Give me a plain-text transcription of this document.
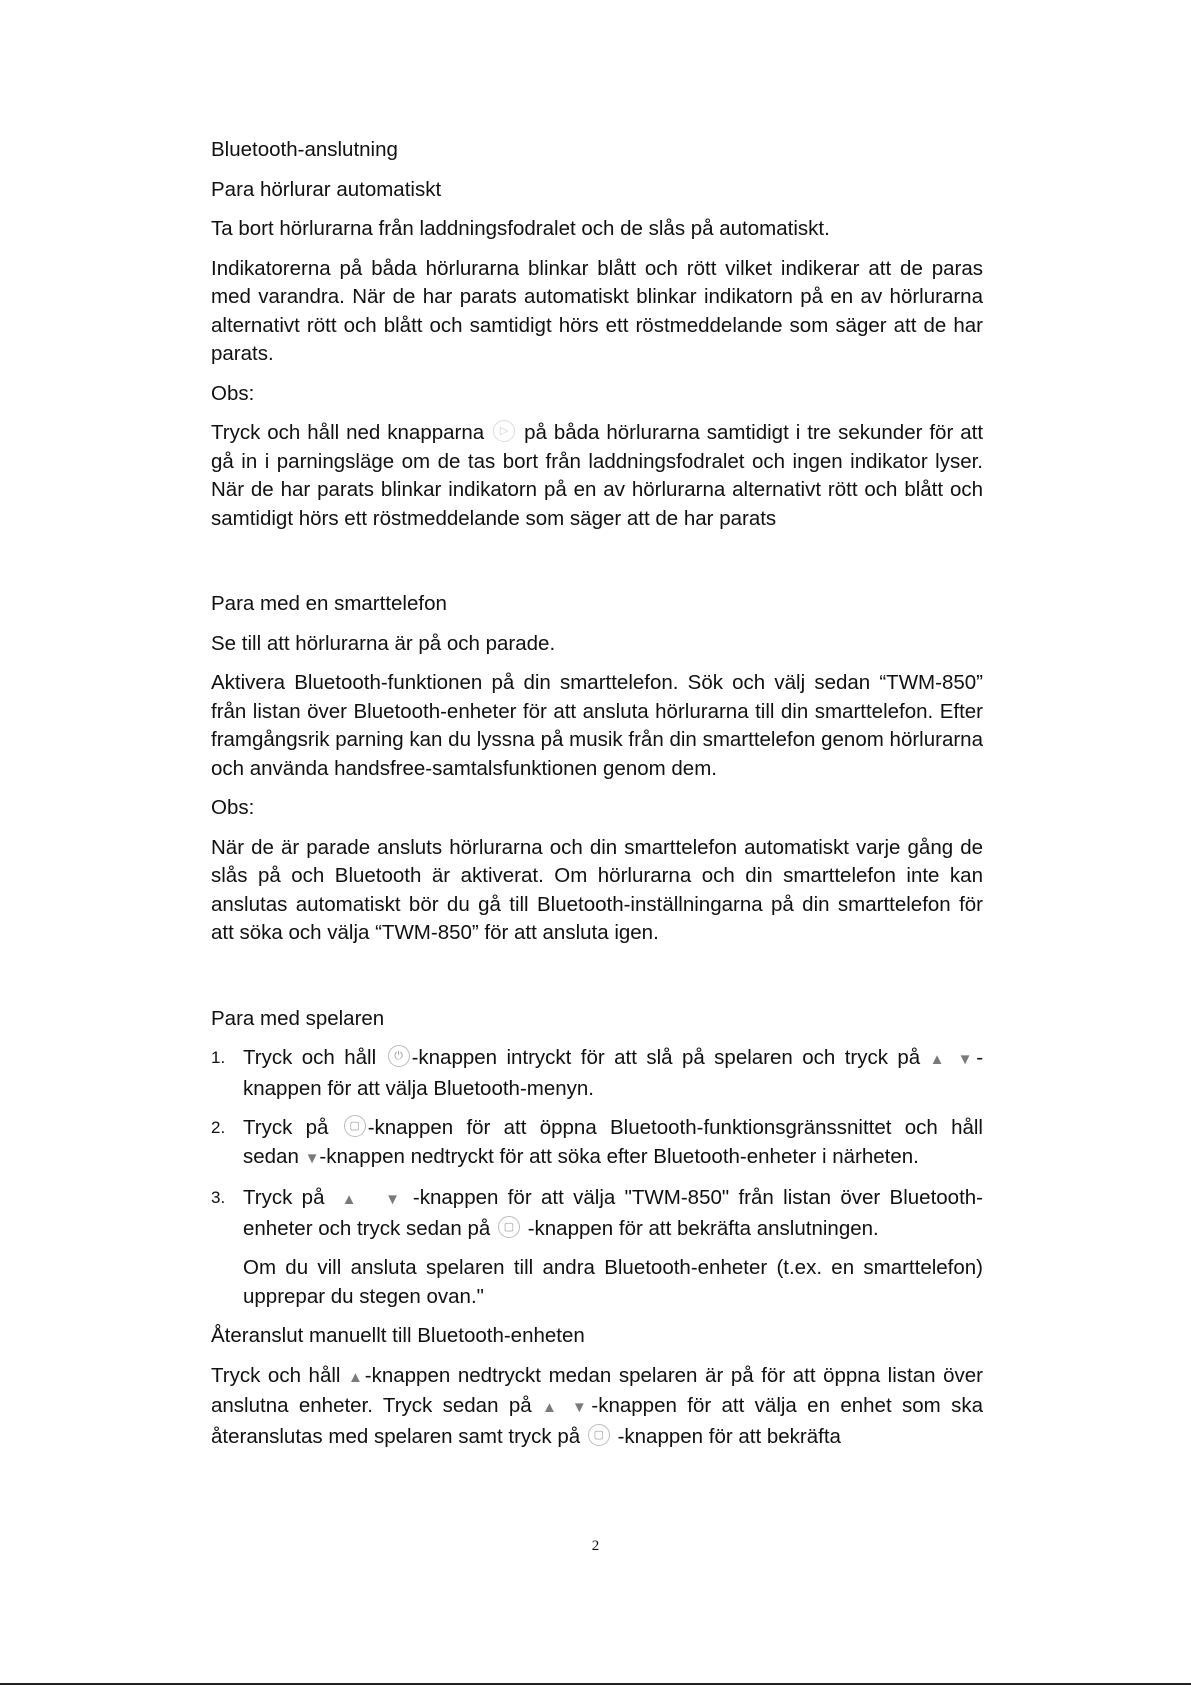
Bluetooth-anslutning

Para hörlurar automatiskt

Ta bort hörlurarna från laddningsfodralet och de slås på automatiskt.

Indikatorerna på båda hörlurarna blinkar blått och rött vilket indikerar att de paras med varandra. När de har parats automatiskt blinkar indikatorn på en av hörlurarna alternativt rött och blått och samtidigt hörs ett röstmeddelande som säger att de har parats.

Obs:

Tryck och håll ned knapparna	▷ på båda hörlurarna samtidigt i tre sekunder för att gå in i parningsläge om de tas bort från laddningsfodralet och ingen indikator lyser. När de har parats blinkar indikatorn på en av hörlurarna alternativt rött och blått och samtidigt hörs ett röstmeddelande som säger att de har parats

Para med en smarttelefon

Se till att hörlurarna är på och parade.

Aktivera Bluetooth-funktionen på din smarttelefon. Sök och välj sedan “TWM-850” från listan över Bluetooth-enheter för att ansluta hörlurarna till din smarttelefon. Efter framgångsrik parning kan du lyssna på musik från din smarttelefon genom hörlurarna och använda handsfree-samtalsfunktionen genom dem.

Obs:

När de är parade ansluts hörlurarna och din smarttelefon automatiskt varje gång de slås på och Bluetooth är aktiverat. Om hörlurarna och din smarttelefon inte kan anslutas automatiskt bör du gå till Bluetooth-inställningarna på din smarttelefon för att söka och välja “TWM-850” för att ansluta igen.

Para med spelaren

1. Tryck och håll	⏻ -knappen intryckt för att slå på spelaren och tryck på ▲ ▼-knappen för att välja Bluetooth-menyn.
2. Tryck på	▢ -knappen för att öppna Bluetooth-funktionsgränssnittet och håll sedan ▼-knappen nedtryckt för att söka efter Bluetooth-enheter i närheten.
3. Tryck på  ▲   ▼ -knappen för att välja "TWM-850" från listan över Bluetooth-enheter och tryck sedan på	▢ -knappen för att bekräfta anslutningen.

Om du vill ansluta spelaren till andra Bluetooth-enheter (t.ex. en smarttelefon) upprepar du stegen ovan."

Återanslut manuellt till Bluetooth-enheten

Tryck och håll ▲-knappen nedtryckt medan spelaren är på för att öppna listan över anslutna enheter. Tryck sedan på ▲ ▼-knappen för att välja en enhet som ska återanslutas med spelaren samt tryck på	▢ -knappen för att bekräfta

2
